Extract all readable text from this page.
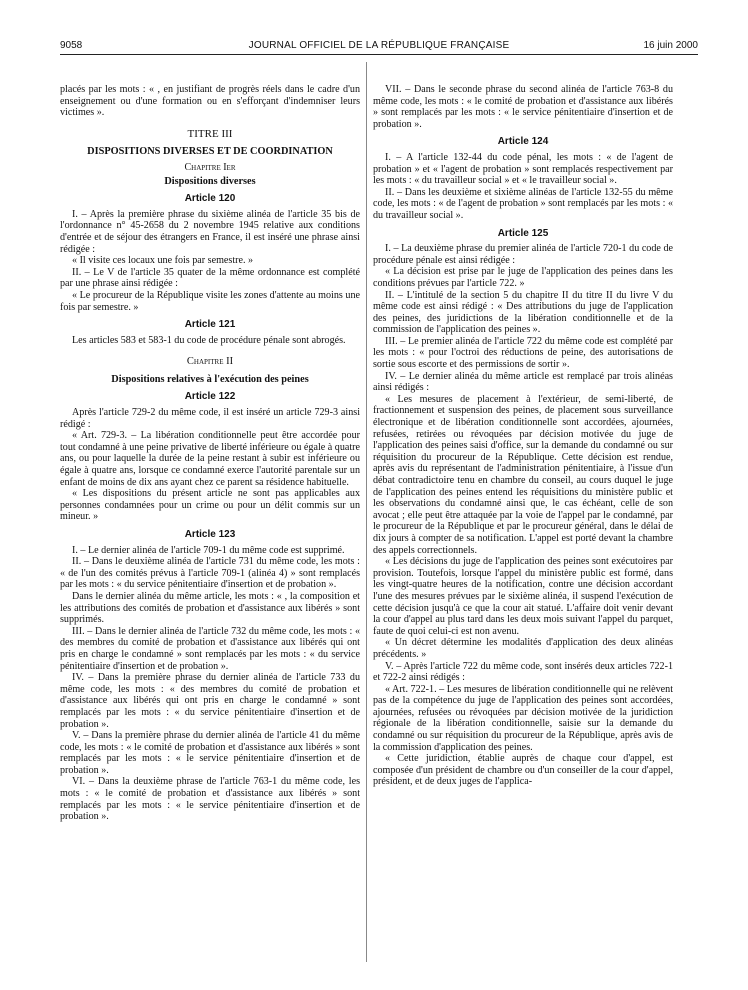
9058	JOURNAL OFFICIEL DE LA RÉPUBLIQUE FRANÇAISE	16 juin 2000

placés par les mots : « , en justifiant de progrès réels dans le cadre d'un enseignement ou d'une formation ou en s'efforçant d'indemniser leurs victimes ».

TITRE III
DISPOSITIONS DIVERSES ET DE COORDINATION
Chapitre Ier
Dispositions diverses
Article 120

I. – Après la première phrase du sixième alinéa de l'article 35 bis de l'ordonnance n° 45-2658 du 2 novembre 1945 relative aux conditions d'entrée et de séjour des étrangers en France, il est inséré une phrase ainsi rédigée :

« Il visite ces locaux une fois par semestre. »

II. – Le V de l'article 35 quater de la même ordonnance est complété par une phrase ainsi rédigée :

« Le procureur de la République visite les zones d'attente au moins une fois par semestre. »

Article 121

Les articles 583 et 583-1 du code de procédure pénale sont abrogés.

Chapitre II
Dispositions relatives à l'exécution des peines
Article 122

Après l'article 729-2 du même code, il est inséré un article 729-3 ainsi rédigé :

« Art. 729-3. – La libération conditionnelle peut être accordée pour tout condamné à une peine privative de liberté inférieure ou égale à quatre ans, ou pour laquelle la durée de la peine restant à subir est inférieure ou égale à quatre ans, lorsque ce condamné exerce l'autorité parentale sur un enfant de moins de dix ans ayant chez ce parent sa résidence habituelle.

« Les dispositions du présent article ne sont pas applicables aux personnes condamnées pour un crime ou pour un délit commis sur un mineur. »

Article 123

I. – Le dernier alinéa de l'article 709-1 du même code est supprimé.

II. – Dans le deuxième alinéa de l'article 731 du même code, les mots : « de l'un des comités prévus à l'article 709-1 (alinéa 4) » sont remplacés par les mots : « du service pénitentiaire d'insertion et de probation ».

Dans le dernier alinéa du même article, les mots : « , la composition et les attributions des comités de probation et d'assistance aux libérés » sont supprimés.

III. – Dans le dernier alinéa de l'article 732 du même code, les mots : « des membres du comité de probation et d'assistance aux libérés qui ont pris en charge le condamné » sont remplacés par les mots : « du service pénitentiaire d'insertion et de probation ».

IV. – Dans la première phrase du dernier alinéa de l'article 733 du même code, les mots : « des membres du comité de probation et d'assistance aux libérés qui ont pris en charge le condamné » sont remplacés par les mots : « du service pénitentiaire d'insertion et de probation ».

V. – Dans la première phrase du dernier alinéa de l'article 41 du même code, les mots : « le comité de probation et d'assistance aux libérés » sont remplacés par les mots : « le service pénitentiaire d'insertion et de probation ».

VI. – Dans la deuxième phrase de l'article 763-1 du même code, les mots : « le comité de probation et d'assistance aux libérés » sont remplacés par les mots : « le service pénitentiaire d'insertion et de probation ».

VII. – Dans le seconde phrase du second alinéa de l'article 763-8 du même code, les mots : « le comité de probation et d'assistance aux libérés » sont remplacés par les mots : « le service pénitentiaire d'insertion et de probation ».

Article 124

I. – A l'article 132-44 du code pénal, les mots : « de l'agent de probation » et « l'agent de probation » sont remplacés respectivement par les mots : « du travailleur social » et « le travailleur social ».

II. – Dans les deuxième et sixième alinéas de l'article 132-55 du même code, les mots : « de l'agent de probation » sont remplacés par les mots : « du travailleur social ».

Article 125

I. – La deuxième phrase du premier alinéa de l'article 720-1 du code de procédure pénale est ainsi rédigée :

« La décision est prise par le juge de l'application des peines dans les conditions prévues par l'article 722. »

II. – L'intitulé de la section 5 du chapitre II du titre II du livre V du même code est ainsi rédigé : « Des attributions du juge de l'application des peines, des juridictions de la libération conditionnelle et de la commission de l'application des peines ».

III. – Le premier alinéa de l'article 722 du même code est complété par les mots : « pour l'octroi des réductions de peine, des autorisations de sortie sous escorte et des permissions de sortir ».

IV. – Le dernier alinéa du même article est remplacé par trois alinéas ainsi rédigés :

« Les mesures de placement à l'extérieur, de semi-liberté, de fractionnement et suspension des peines, de placement sous surveillance électronique et de libération conditionnelle sont accordées, ajournées, refusées, retirées ou révoquées par décision motivée du juge de l'application des peines saisi d'office, sur la demande du condamné ou sur réquisition du procureur de la République. Cette décision est rendue, après avis du représentant de l'administration pénitentiaire, à l'issue d'un débat contradictoire tenu en chambre du conseil, au cours duquel le juge de l'application des peines entend les réquisitions du ministère public et les observations du condamné ainsi que, le cas échéant, celle de son avocat ; elle peut être attaquée par la voie de l'appel par le condamné, par le procureur de la République et par le procureur général, dans le délai de dix jours à compter de sa notification. L'appel est porté devant la chambre des appels correctionnels.

« Les décisions du juge de l'application des peines sont exécutoires par provision. Toutefois, lorsque l'appel du ministère public est formé, dans les vingt-quatre heures de la notification, contre une décision accordant l'une des mesures prévues par le sixième alinéa, il suspend l'exécution de cette décision jusqu'à ce que la cour ait statué. L'affaire doit venir devant la cour d'appel au plus tard dans les deux mois suivant l'appel du parquet, faute de quoi celui-ci est non avenu.

« Un décret détermine les modalités d'application des deux alinéas précédents. »

V. – Après l'article 722 du même code, sont insérés deux articles 722-1 et 722-2 ainsi rédigés :

« Art. 722-1. – Les mesures de libération conditionnelle qui ne relèvent pas de la compétence du juge de l'application des peines sont accordées, ajournées, refusées ou révoquées par décision motivée de la juridiction régionale de la libération conditionnelle, saisie sur la demande du condamné ou sur réquisition du procureur de la République, après avis de la commission d'application des peines.

« Cette juridiction, établie auprès de chaque cour d'appel, est composée d'un président de chambre ou d'un conseiller de la cour d'appel, président, et de deux juges de l'applica-
